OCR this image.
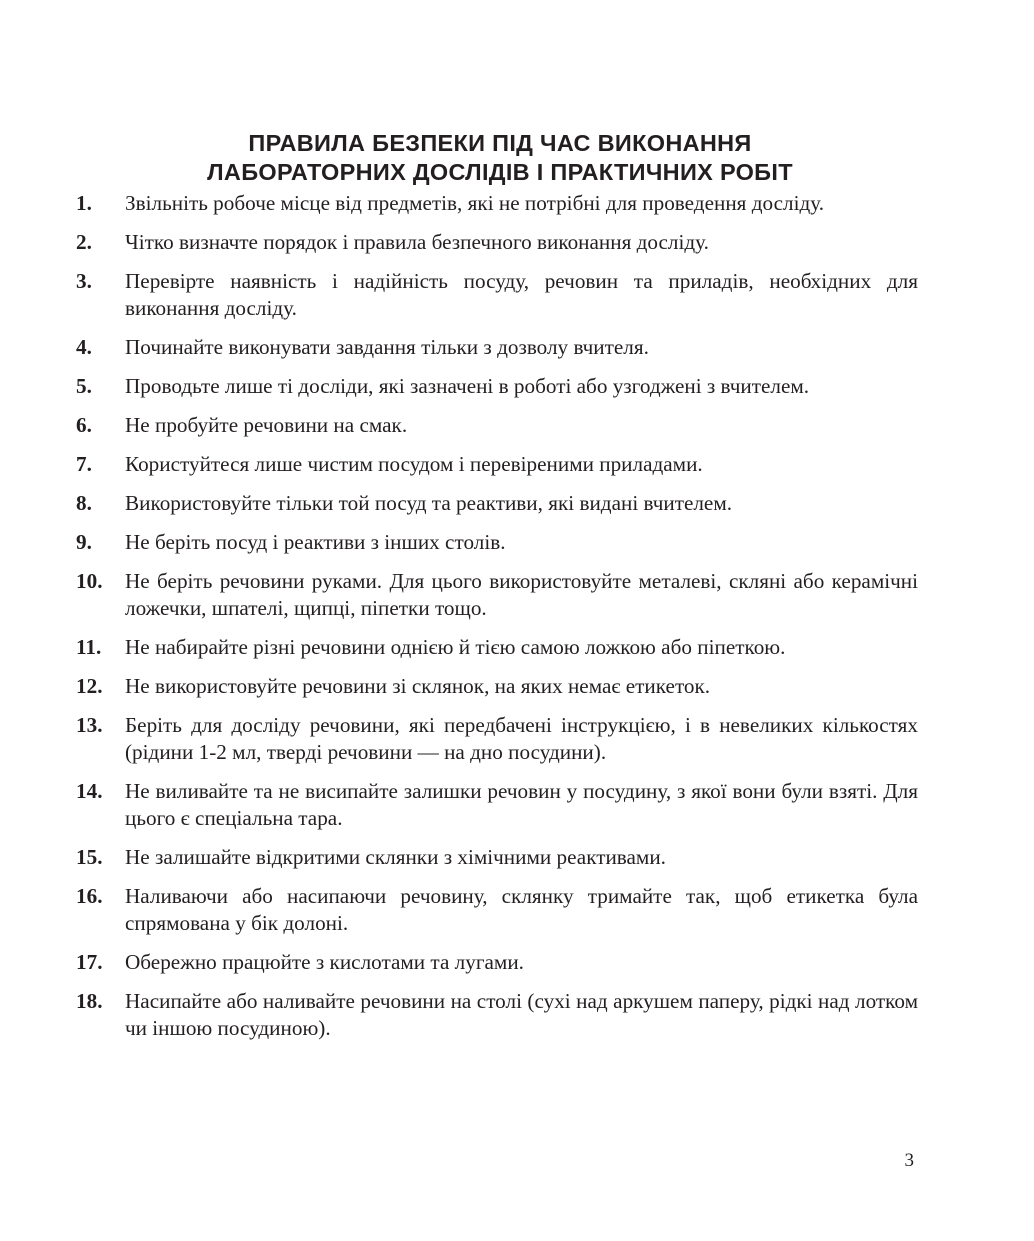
ПРАВИЛА БЕЗПЕКИ ПІД ЧАС ВИКОНАННЯ
ЛАБОРАТОРНИХ ДОСЛІДІВ І ПРАКТИЧНИХ РОБІТ
1. Звільніть робоче місце від предметів, які не потрібні для проведення досліду.
2. Чітко визначте порядок і правила безпечного виконання досліду.
3. Перевірте наявність і надійність посуду, речовин та приладів, необхідних для виконання досліду.
4. Починайте виконувати завдання тільки з дозволу вчителя.
5. Проводьте лише ті досліди, які зазначені в роботі або узгоджені з вчителем.
6. Не пробуйте речовини на смак.
7. Користуйтеся лише чистим посудом і перевіреними приладами.
8. Використовуйте тільки той посуд та реактиви, які видані вчителем.
9. Не беріть посуд і реактиви з інших столів.
10. Не беріть речовини руками. Для цього використовуйте металеві, скляні або керамічні ложечки, шпателі, щипці, піпетки тощо.
11. Не набирайте різні речовини однією й тією самою ложкою або піпеткою.
12. Не використовуйте речовини зі склянок, на яких немає етикеток.
13. Беріть для досліду речовини, які передбачені інструкцією, і в невеликих кількостях (рідини 1-2 мл, тверді речовини — на дно посудини).
14. Не виливайте та не висипайте залишки речовин у посудину, з якої вони були взяті. Для цього є спеціальна тара.
15. Не залишайте відкритими склянки з хімічними реактивами.
16. Наливаючи або насипаючи речовину, склянку тримайте так, щоб етикетка була спрямована у бік долоні.
17. Обережно працюйте з кислотами та лугами.
18. Насипайте або наливайте речовини на столі (сухі над аркушем паперу, рідкі над лотком чи іншою посудиною).
3
